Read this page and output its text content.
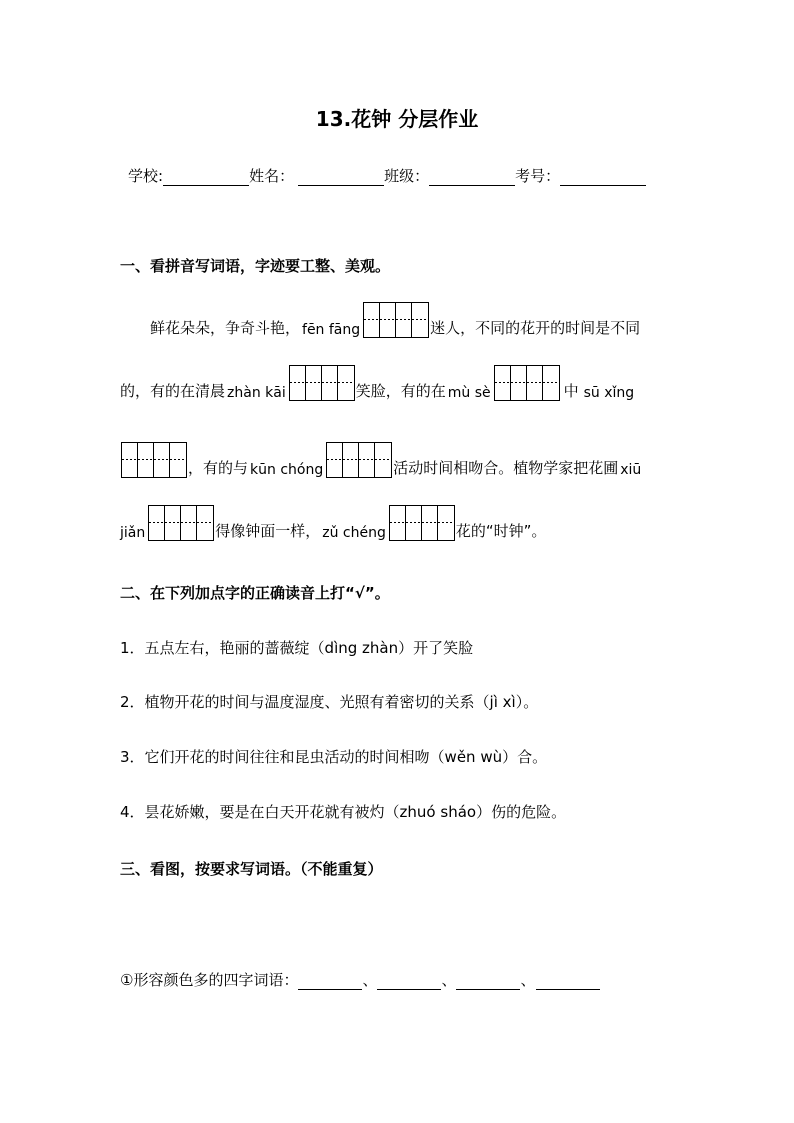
13.花钟 分层作业
学校:	姓名：	班级：	考号：
一、看拼音写词语，字迹要工整、美观。
鲜花朵朵，争奇斗艳， fēn fāng	迷人，不同的花开的时间是不同
的，有的在清晨 zhàn kāi	笑脸，有的在 mù sè	中 sū xǐng
，有的与 kūn chóng	活动时间相吻合。植物学家把花圃 xiū
jiǎn	得像钟面一样， zǔ chéng	花的“时钟”。
二、在下列加点字的正确读音上打“√”。
1．五点左右，艳丽的蔷薇绽（dìng zhàn）开了笑脸
2．植物开花的时间与温度湿度、光照有着密切的关系（jì xì）。
3．它们开花的时间往往和昆虫活动的时间相吻（wěn wù）合。
4．昙花娇嫩，要是在白天开花就有被灼（zhuó sháo）伤的危险。
三、看图，按要求写词语。（不能重复）
①形容颜色多的四字词语：	、	、	、
